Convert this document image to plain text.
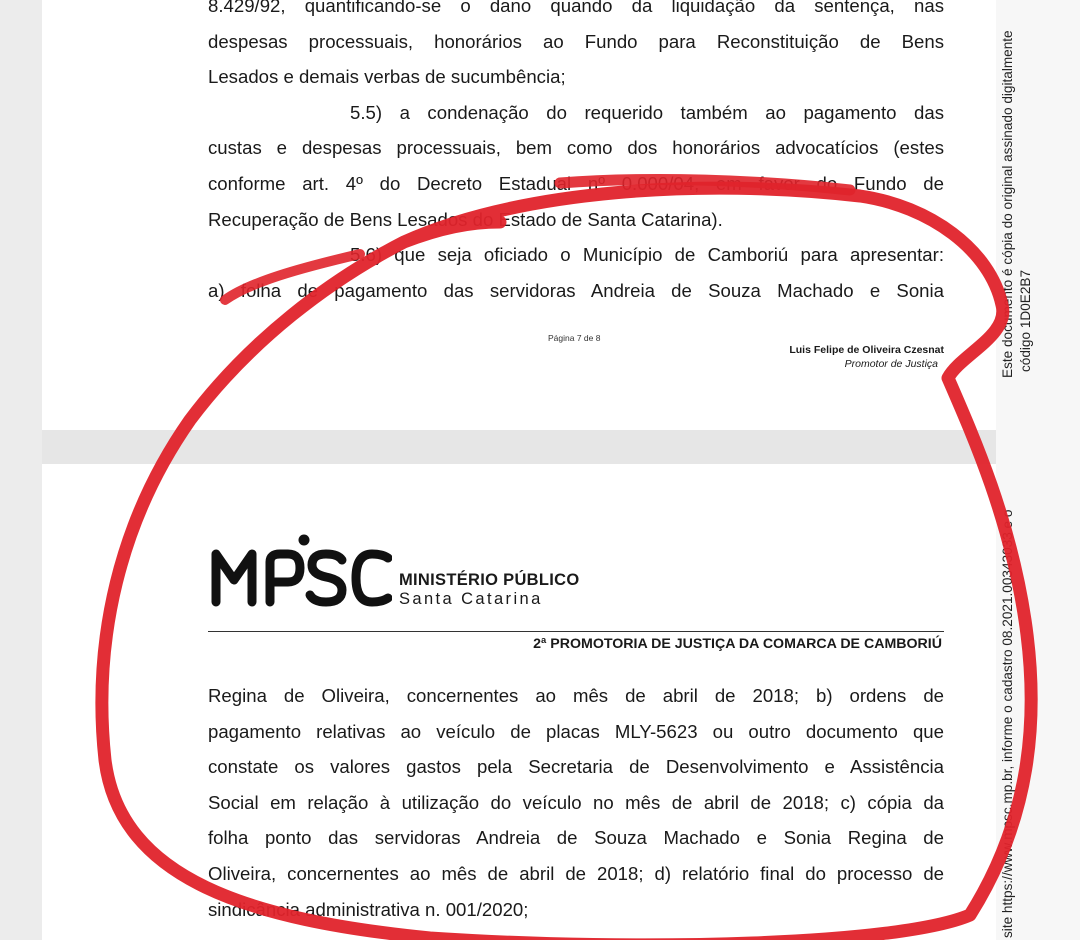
8.429/92, quantificando-se o dano quando da liquidação da sentença, nas
despesas processuais, honorários ao Fundo para Reconstituição de Bens
Lesados e demais verbas de sucumbência;
5.5) a condenação do requerido também ao pagamento das
custas e despesas processuais, bem como dos honorários advocatícios (estes
conforme art. 4º do Decreto Estadual nº 0.000/04, em favor do Fundo de
Recuperação de Bens Lesados do Estado de Santa Catarina).
5.6) que seja oficiado o Município de Camboriú para apresentar:
a) folha de pagamento das servidoras Andreia de Souza Machado e Sonia
Página 7 de 8
Luis Felipe de Oliveira Czesnat
Promotor de Justiça
MINISTÉRIO PÚBLICO
Santa Catarina
2ª PROMOTORIA DE JUSTIÇA DA COMARCA DE CAMBORIÚ
Regina de Oliveira, concernentes ao mês de abril de 2018; b) ordens de
pagamento relativas ao veículo de placas MLY-5623 ou outro documento que
constate os valores gastos pela Secretaria de Desenvolvimento e Assistência
Social em relação à utilização do veículo no mês de abril de 2018; c) cópia da
folha ponto das servidoras Andreia de Souza Machado e Sonia Regina de
Oliveira, concernentes ao mês de abril de 2018; d) relatório final do processo de
sindicância administrativa n. 001/2020;
Este documento é cópia do original assinado digitalmente código 1D0E2B7
site https://www.mpsc.mp.br, informe o cadastro 08.2021.00343033 e o
